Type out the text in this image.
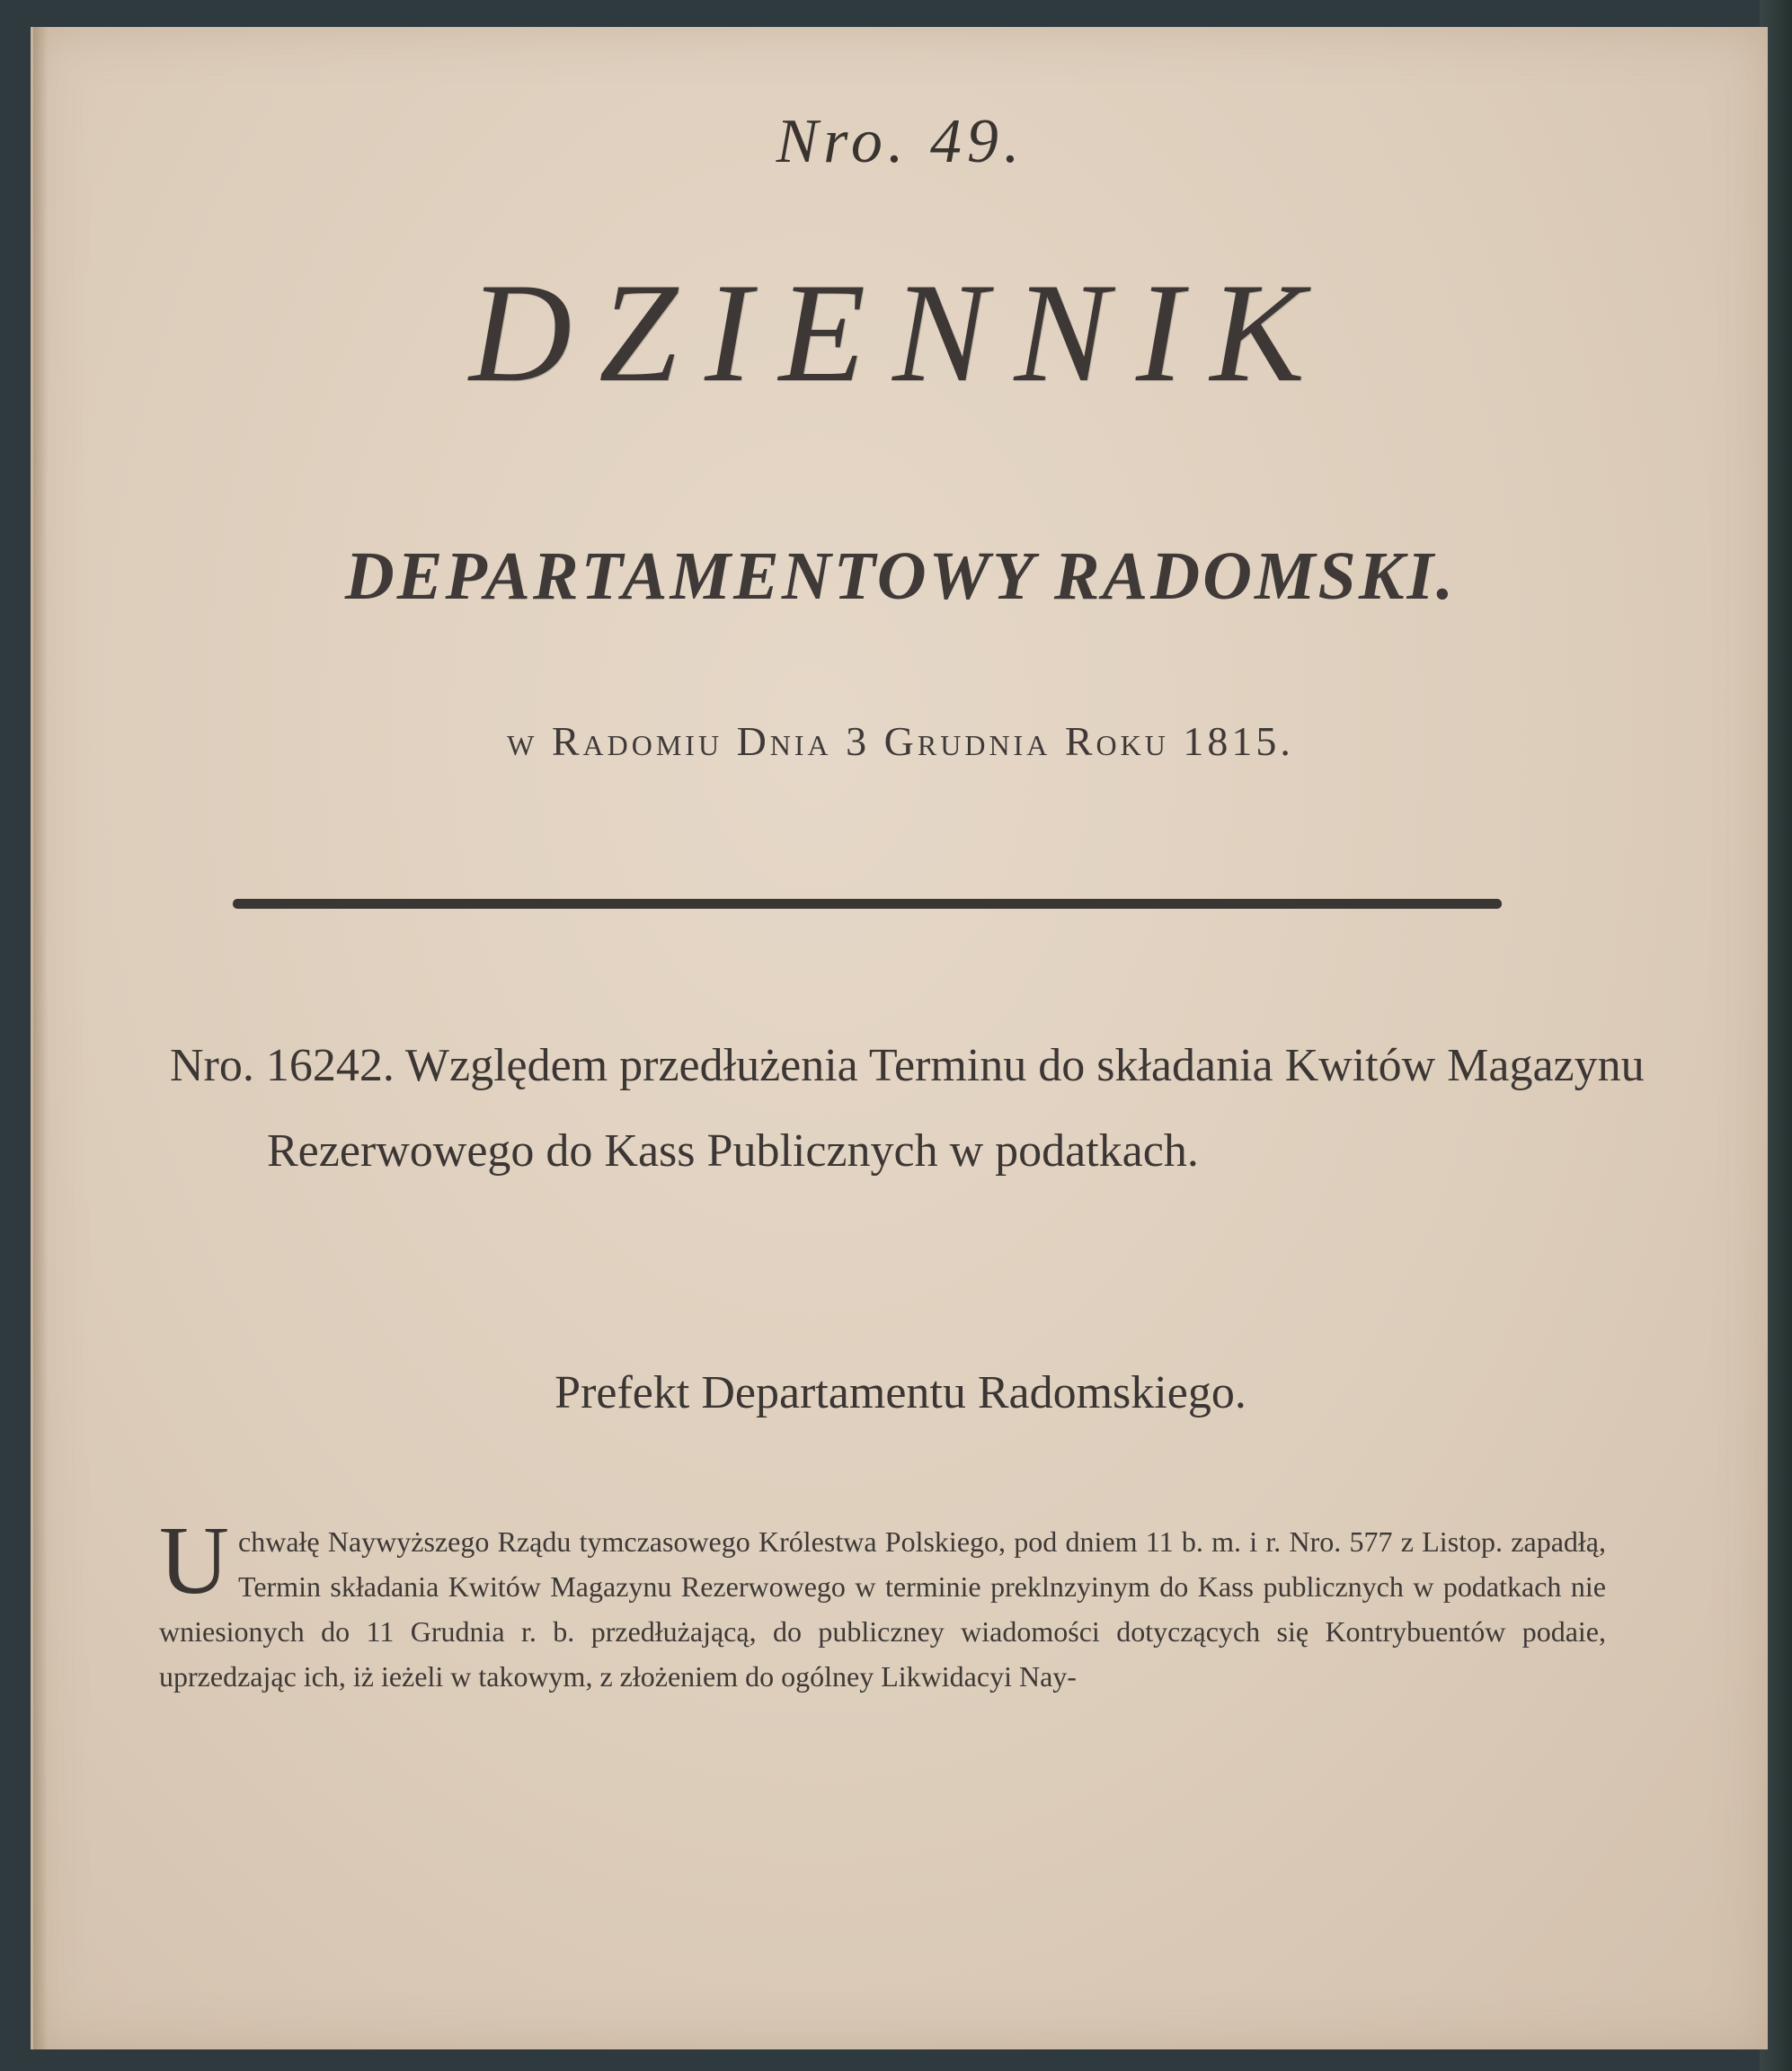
Nro. 49.
DZIENNIK
DEPARTAMENTOWY RADOMSKI.
w Radomiu Dnia 3 Grudnia Roku 1815.
Nro. 16242. Względem przedłużenia Terminu do składania Kwitów Magazynu Rezerwowego do Kass Publicznych w podatkach.
Prefekt Departamentu Radomskiego.
Uchwałę Naywyższego Rządu tymczasowego Królestwa Polskiego, pod dniem 11 b. m. i r. Nro. 577 z Listop. zapadłą, Termin składania Kwitów Magazynu Rezerwowego w terminie preklnzyinym do Kass publicznych w podatkach nie wniesionych do 11 Grudnia r. b. przedłużającą, do publiczney wiadomości dotyczących się Kontrybuentów podaie, uprzedzając ich, iż ieżeli w takowym, z złożeniem do ogólney Likwidacyi Nay-
